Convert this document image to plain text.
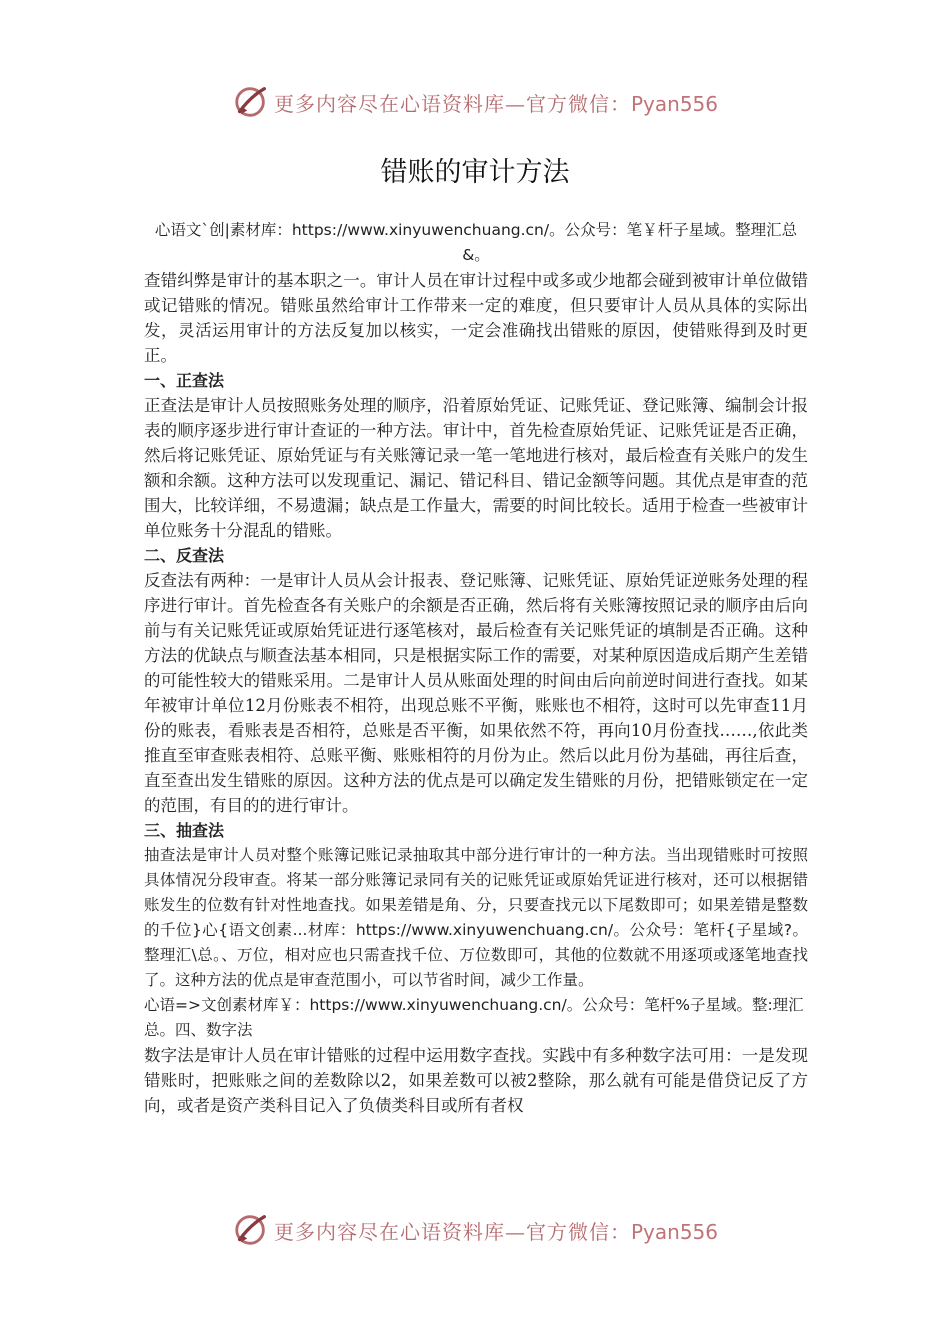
更多内容尽在心语资料库—官方微信：Pyan556
错账的审计方法

心语文`创|素材库：https://www.xinyuwenchuang.cn/。公众号：笔￥杆子星域。整理汇总&。

查错纠弊是审计的基本职之一。审计人员在审计过程中或多或少地都会碰到被审计单位做错或记错账的情况。错账虽然给审计工作带来一定的难度，但只要审计人员从具体的实际出发，灵活运用审计的方法反复加以核实，一定会准确找出错账的原因，使错账得到及时更正。

一、正查法

正查法是审计人员按照账务处理的顺序，沿着原始凭证、记账凭证、登记账簿、编制会计报表的顺序逐步进行审计查证的一种方法。审计中，首先检查原始凭证、记账凭证是否正确，然后将记账凭证、原始凭证与有关账簿记录一笔一笔地进行核对，最后检查有关账户的发生额和余额。这种方法可以发现重记、漏记、错记科目、错记金额等问题。其优点是审查的范围大，比较详细，不易遗漏；缺点是工作量大，需要的时间比较长。适用于检查一些被审计单位账务十分混乱的错账。

二、反查法

反查法有两种：一是审计人员从会计报表、登记账簿、记账凭证、原始凭证逆账务处理的程序进行审计。首先检查各有关账户的余额是否正确，然后将有关账簿按照记录的顺序由后向前与有关记账凭证或原始凭证进行逐笔核对，最后检查有关记账凭证的填制是否正确。这种方法的优缺点与顺查法基本相同，只是根据实际工作的需要，对某种原因造成后期产生差错的可能性较大的错账采用。二是审计人员从账面处理的时间由后向前逆时间进行查找。如某年被审计单位12月份账表不相符，出现总账不平衡，账账也不相符，这时可以先审查11月份的账表，看账表是否相符，总账是否平衡，如果依然不符，再向10月份查找……,依此类推直至审查账表相符、总账平衡、账账相符的月份为止。然后以此月份为基础，再往后查，直至查出发生错账的原因。这种方法的优点是可以确定发生错账的月份，把错账锁定在一定的范围，有目的的进行审计。

三、抽查法

抽查法是审计人员对整个账簿记账记录抽取其中部分进行审计的一种方法。当出现错账时可按照具体情况分段审查。将某一部分账簿记录同有关的记账凭证或原始凭证进行核对，还可以根据错账发生的位数有针对性地查找。如果差错是角、分，只要查找元以下尾数即可；如果差错是整数的千位}心{语文创素...材库：https://www.xinyuwenchuang.cn/。公众号：笔杆{子星域?。整理汇\总。、万位，相对应也只需查找千位、万位数即可，其他的位数就不用逐项或逐笔地查找了。这种方法的优点是审查范围小，可以节省时间，减少工作量。

心语=>文创素材库￥：https://www.xinyuwenchuang.cn/。公众号：笔杆%子星域。整:理汇总。四、数字法

数字法是审计人员在审计错账的过程中运用数字查找。实践中有多种数字法可用：一是发现错账时，把账账之间的差数除以2，如果差数可以被2整除，那么就有可能是借贷记反了方向，或者是资产类科目记入了负债类科目或所有者权

更多内容尽在心语资料库—官方微信：Pyan556
